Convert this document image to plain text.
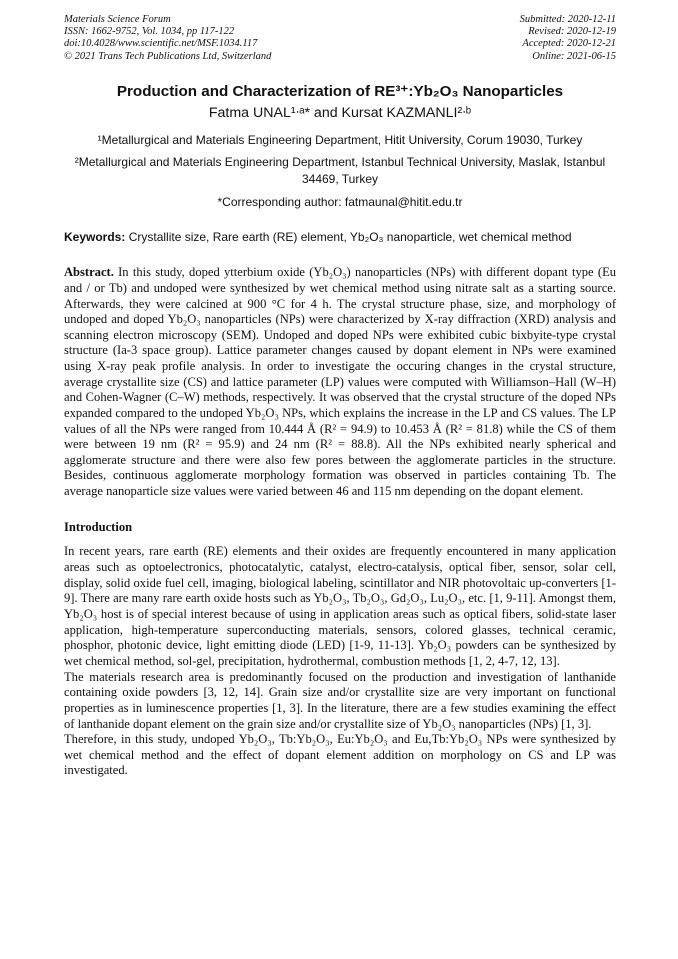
Materials Science Forum
ISSN: 1662-9752, Vol. 1034, pp 117-122
doi:10.4028/www.scientific.net/MSF.1034.117
© 2021 Trans Tech Publications Ltd, Switzerland
Submitted: 2020-12-11
Revised: 2020-12-19
Accepted: 2020-12-21
Online: 2021-06-15
Production and Characterization of RE³⁺:Yb₂O₃ Nanoparticles
Fatma UNAL¹ᐧᵃ* and Kursat KAZMANLI²ᐧᵇ
¹Metallurgical and Materials Engineering Department, Hitit University, Corum 19030, Turkey
²Metallurgical and Materials Engineering Department, Istanbul Technical University, Maslak, Istanbul 34469, Turkey
*Corresponding author: fatmaunal@hitit.edu.tr
Keywords: Crystallite size, Rare earth (RE) element, Yb₂O₃ nanoparticle, wet chemical method
Abstract. In this study, doped ytterbium oxide (Yb₂O₃) nanoparticles (NPs) with different dopant type (Eu and / or Tb) and undoped were synthesized by wet chemical method using nitrate salt as a starting source. Afterwards, they were calcined at 900 °C for 4 h. The crystal structure phase, size, and morphology of undoped and doped Yb₂O₃ nanoparticles (NPs) were characterized by X-ray diffraction (XRD) analysis and scanning electron microscopy (SEM). Undoped and doped NPs were exhibited cubic bixbyite-type crystal structure (Ia-3 space group). Lattice parameter changes caused by dopant element in NPs were examined using X-ray peak profile analysis. In order to investigate the occuring changes in the crystal structure, average crystallite size (CS) and lattice parameter (LP) values were computed with Williamson–Hall (W–H) and Cohen-Wagner (C–W) methods, respectively. It was observed that the crystal structure of the doped NPs expanded compared to the undoped Yb₂O₃ NPs, which explains the increase in the LP and CS values. The LP values of all the NPs were ranged from 10.444 Å (R² = 94.9) to 10.453 Å (R² = 81.8) while the CS of them were between 19 nm (R² = 95.9) and 24 nm (R² = 88.8). All the NPs exhibited nearly spherical and agglomerate structure and there were also few pores between the agglomerate particles in the structure. Besides, continuous agglomerate morphology formation was observed in particles containing Tb. The average nanoparticle size values were varied between 46 and 115 nm depending on the dopant element.
Introduction

In recent years, rare earth (RE) elements and their oxides are frequently encountered in many application areas such as optoelectronics, photocatalytic, catalyst, electro-catalysis, optical fiber, sensor, solar cell, display, solid oxide fuel cell, imaging, biological labeling, scintillator and NIR photovoltaic up-converters [1-9]. There are many rare earth oxide hosts such as Yb₂O₃, Tb₂O₃, Gd₂O₃, Lu₂O₃, etc. [1, 9-11]. Amongst them, Yb₂O₃ host is of special interest because of using in application areas such as optical fibers, solid-state laser application, high-temperature superconducting materials, sensors, colored glasses, technical ceramic, phosphor, photonic device, light emitting diode (LED) [1-9, 11-13]. Yb₂O₃ powders can be synthesized by wet chemical method, sol-gel, precipitation, hydrothermal, combustion methods [1, 2, 4-7, 12, 13].

The materials research area is predominantly focused on the production and investigation of lanthanide containing oxide powders [3, 12, 14]. Grain size and/or crystallite size are very important on functional properties as in luminescence properties [1, 3]. In the literature, there are a few studies examining the effect of lanthanide dopant element on the grain size and/or crystallite size of Yb₂O₃ nanoparticles (NPs) [1, 3].

Therefore, in this study, undoped Yb₂O₃, Tb:Yb₂O₃, Eu:Yb₂O₃ and Eu,Tb:Yb₂O₃ NPs were synthesized by wet chemical method and the effect of dopant element addition on morphology on CS and LP was investigated.
